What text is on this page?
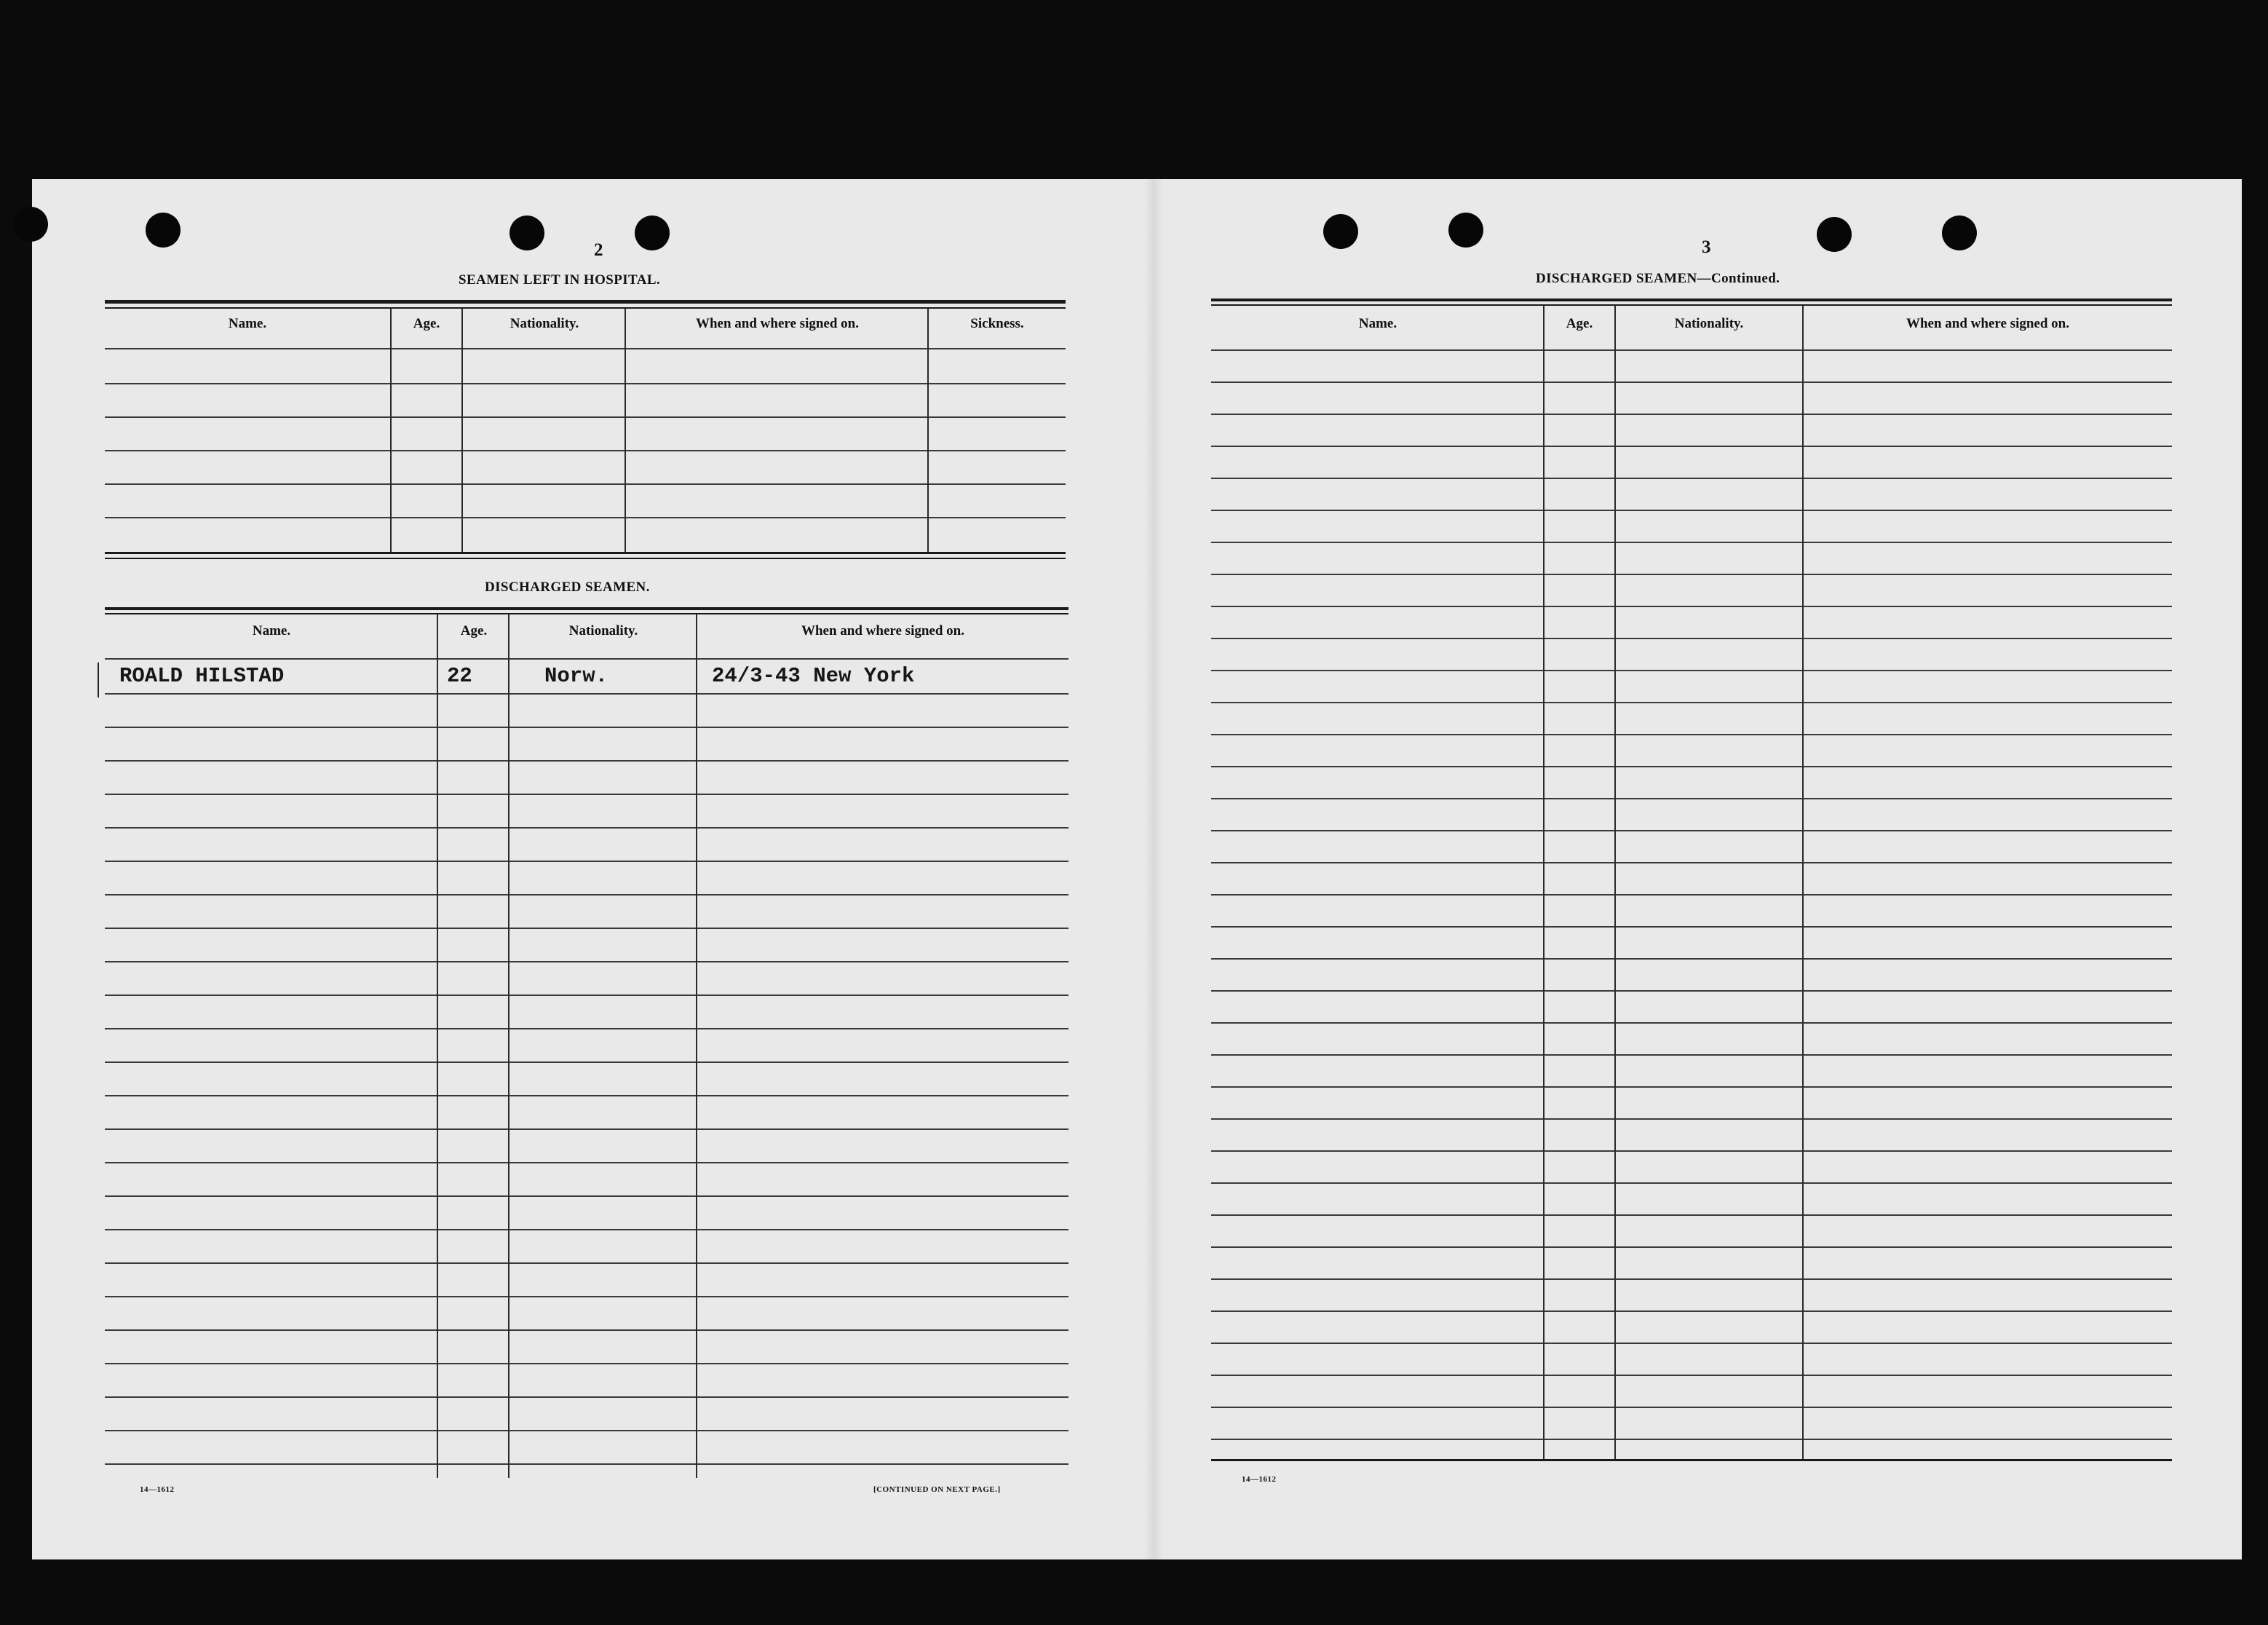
2
SEAMEN LEFT IN HOSPITAL.
Name.	Age.	Nationality.	When and where signed on.	Sickness.
DISCHARGED SEAMEN.
Name.	Age.	Nationality.	When and where signed on.
ROALD HILSTAD	22	Norw.	24/3-43 New York
14—1612	[CONTINUED ON NEXT PAGE.]
3
DISCHARGED SEAMEN—Continued.
Name.	Age.	Nationality.	When and where signed on.
14—1612
